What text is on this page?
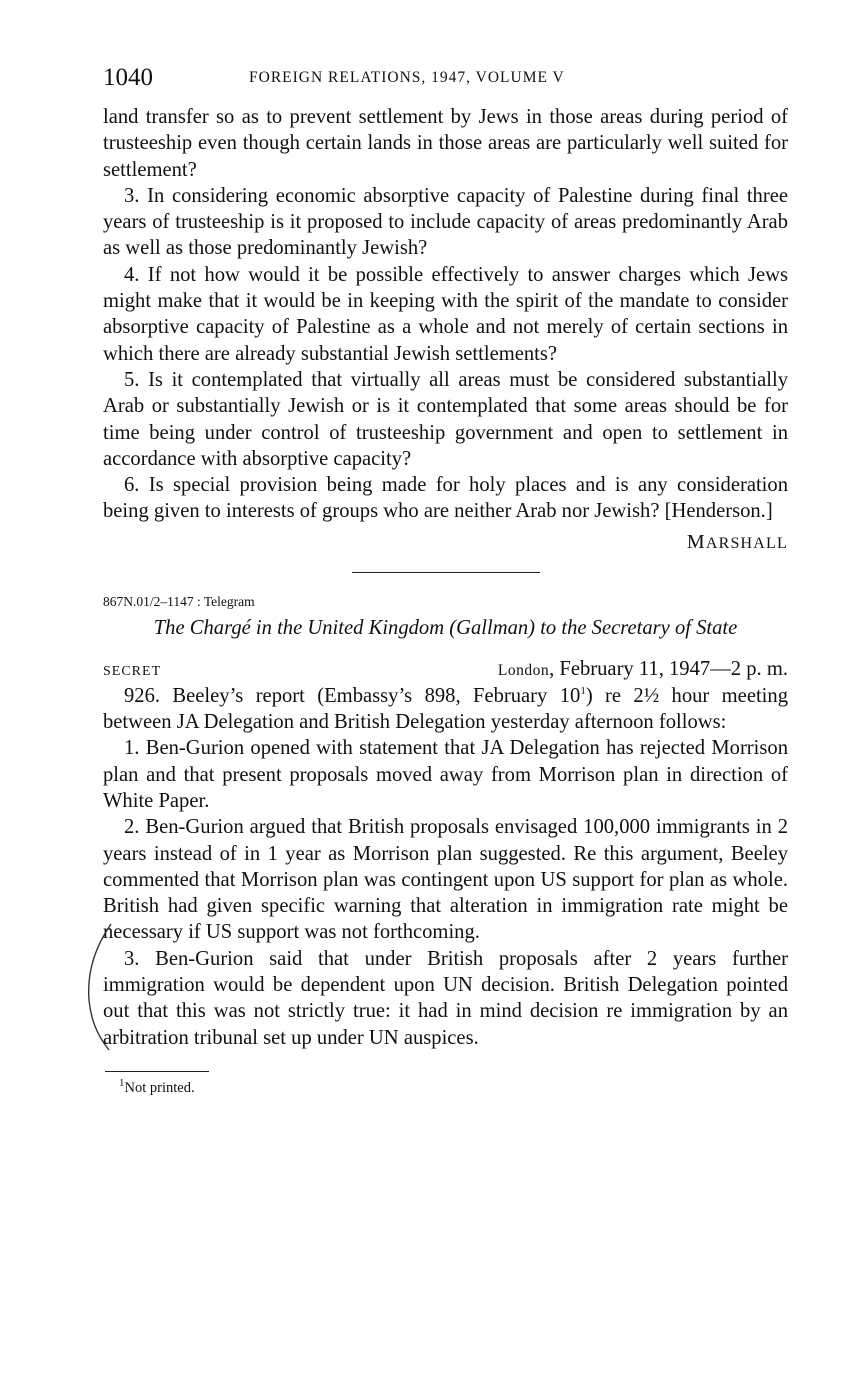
1040	FOREIGN RELATIONS, 1947, VOLUME V

land transfer so as to prevent settlement by Jews in those areas during period of trusteeship even though certain lands in those areas are particularly well suited for settlement?

3. In considering economic absorptive capacity of Palestine during final three years of trusteeship is it proposed to include capacity of areas predominantly Arab as well as those predominantly Jewish?

4. If not how would it be possible effectively to answer charges which Jews might make that it would be in keeping with the spirit of the mandate to consider absorptive capacity of Palestine as a whole and not merely of certain sections in which there are already substantial Jewish settlements?

5. Is it contemplated that virtually all areas must be considered substantially Arab or substantially Jewish or is it contemplated that some areas should be for time being under control of trusteeship government and open to settlement in accordance with absorptive capacity?

6. Is special provision being made for holy places and is any consideration being given to interests of groups who are neither Arab nor Jewish? [Henderson.]

MARSHALL
867N.01/2–1147 : Telegram

The Chargé in the United Kingdom (Gallman) to the Secretary of State

SECRET	London, February 11, 1947—2 p. m.

926. Beeley’s report (Embassy’s 898, February $10^1$) re 2½ hour meeting between JA Delegation and British Delegation yesterday afternoon follows:

1. Ben-Gurion opened with statement that JA Delegation has rejected Morrison plan and that present proposals moved away from Morrison plan in direction of White Paper.

2. Ben-Gurion argued that British proposals envisaged 100,000 immigrants in 2 years instead of in 1 year as Morrison plan suggested. Re this argument, Beeley commented that Morrison plan was contingent upon US support for plan as whole. British had given specific warning that alteration in immigration rate might be necessary if US support was not forthcoming.

3. Ben-Gurion said that under British proposals after 2 years further immigration would be dependent upon UN decision. British Delegation pointed out that this was not strictly true: it had in mind decision re immigration by an arbitration tribunal set up under UN auspices.

$^1$Not printed.
